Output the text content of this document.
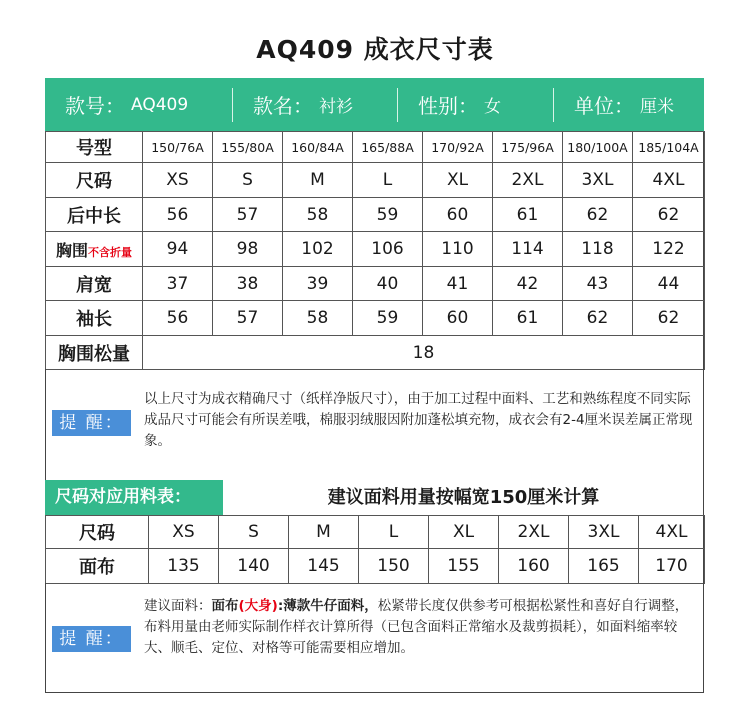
AQ409 成衣尺寸表
款号： AQ409	款名： 衬衫	性别： 女	单位： 厘米
号型	150/76A	155/80A	160/84A	165/88A	170/92A	175/96A	180/100A	185/104A
尺码	XS	S	M	L	XL	2XL	3XL	4XL
后中长	56	57	58	59	60	61	62	62
胸围不含折量	94	98	102	106	110	114	118	122
肩宽	37	38	39	40	41	42	43	44
袖长	56	57	58	59	60	61	62	62
胸围松量	18							
提 醒：
以上尺寸为成衣精确尺寸（纸样净版尺寸），由于加工过程中面料、工艺和熟练程度不同实际成品尺寸可能会有所误差哦，棉服羽绒服因附加蓬松填充物，成衣会有2-4厘米误差属正常现象。
尺码对应用料表：	建议面料用量按幅宽150厘米计算
尺码	XS	S	M	L	XL	2XL	3XL	4XL
面布	135	140	145	150	155	160	165	170
提 醒：
建议面料：面布(大身):薄款牛仔面料，松紧带长度仅供参考可根据松紧性和喜好自行调整，布料用量由老师实际制作样衣计算所得（已包含面料正常缩水及裁剪损耗），如面料缩率较大、顺毛、定位、对格等可能需要相应增加。
